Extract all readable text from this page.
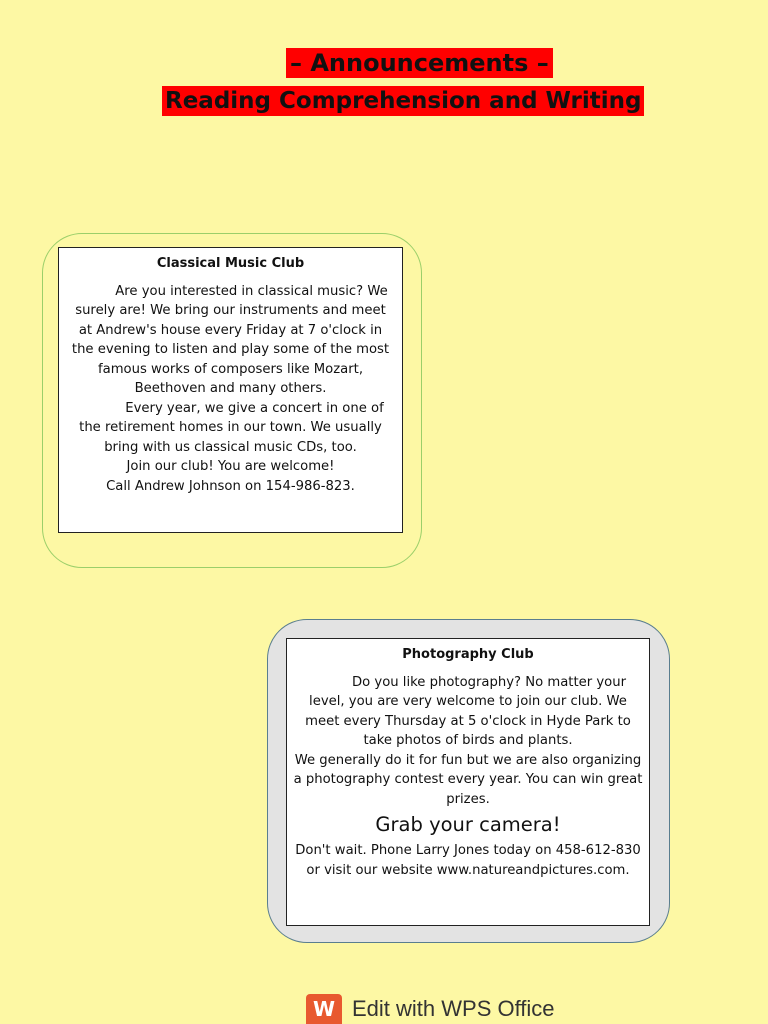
– Announcements –
Reading Comprehension and Writing
Classical Music Club

Are you interested in classical music? We surely are! We bring our instruments and meet at Andrew's house every Friday at 7 o'clock in the evening to listen and play some of the most famous works of composers like Mozart, Beethoven and many others.

Every year, we give a concert in one of the retirement homes in our town. We usually bring with us classical music CDs, too.

Join our club! You are welcome!

Call Andrew Johnson on 154-986-823.

Photography Club

Do you like photography? No matter your level, you are very welcome to join our club. We meet every Thursday at 5 o'clock in Hyde Park to take photos of birds and plants.

We generally do it for fun but we are also organizing a photography contest every year. You can win great prizes.

Grab your camera!

Don't wait. Phone Larry Jones today on 458-612-830 or visit our website www.natureandpictures.com.

W Edit with WPS Office
